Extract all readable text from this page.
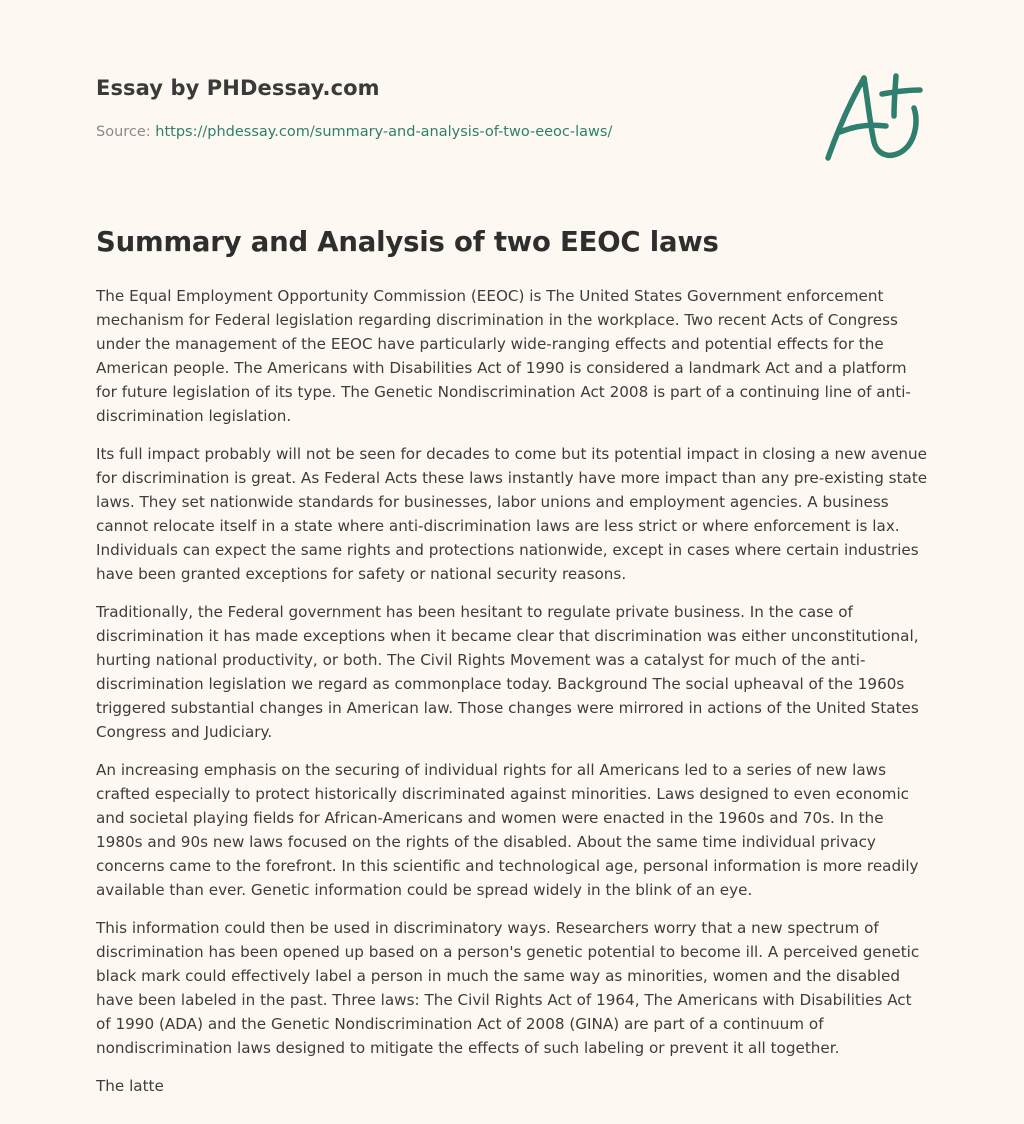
Essay by PHDessay.com
Source: https://phdessay.com/summary-and-analysis-of-two-eeoc-laws/
Summary and Analysis of two EEOC laws

The Equal Employment Opportunity Commission (EEOC) is The United States Government enforcement mechanism for Federal legislation regarding discrimination in the workplace. Two recent Acts of Congress under the management of the EEOC have particularly wide-ranging effects and potential effects for the American people. The Americans with Disabilities Act of 1990 is considered a landmark Act and a platform for future legislation of its type. The Genetic Nondiscrimination Act 2008 is part of a continuing line of anti-discrimination legislation.

Its full impact probably will not be seen for decades to come but its potential impact in closing a new avenue for discrimination is great. As Federal Acts these laws instantly have more impact than any pre-existing state laws. They set nationwide standards for businesses, labor unions and employment agencies. A business cannot relocate itself in a state where anti-discrimination laws are less strict or where enforcement is lax. Individuals can expect the same rights and protections nationwide, except in cases where certain industries have been granted exceptions for safety or national security reasons.

Traditionally, the Federal government has been hesitant to regulate private business. In the case of discrimination it has made exceptions when it became clear that discrimination was either unconstitutional, hurting national productivity, or both. The Civil Rights Movement was a catalyst for much of the anti-discrimination legislation we regard as commonplace today. Background The social upheaval of the 1960s triggered substantial changes in American law. Those changes were mirrored in actions of the United States Congress and Judiciary.

An increasing emphasis on the securing of individual rights for all Americans led to a series of new laws crafted especially to protect historically discriminated against minorities. Laws designed to even economic and societal playing fields for African-Americans and women were enacted in the 1960s and 70s. In the 1980s and 90s new laws focused on the rights of the disabled. About the same time individual privacy concerns came to the forefront. In this scientific and technological age, personal information is more readily available than ever. Genetic information could be spread widely in the blink of an eye.

This information could then be used in discriminatory ways. Researchers worry that a new spectrum of discrimination has been opened up based on a person's genetic potential to become ill. A perceived genetic black mark could effectively label a person in much the same way as minorities, women and the disabled have been labeled in the past. Three laws: The Civil Rights Act of 1964, The Americans with Disabilities Act of 1990 (ADA) and the Genetic Nondiscrimination Act of 2008 (GINA) are part of a continuum of nondiscrimination laws designed to mitigate the effects of such labeling or prevent it all together.

The latte
